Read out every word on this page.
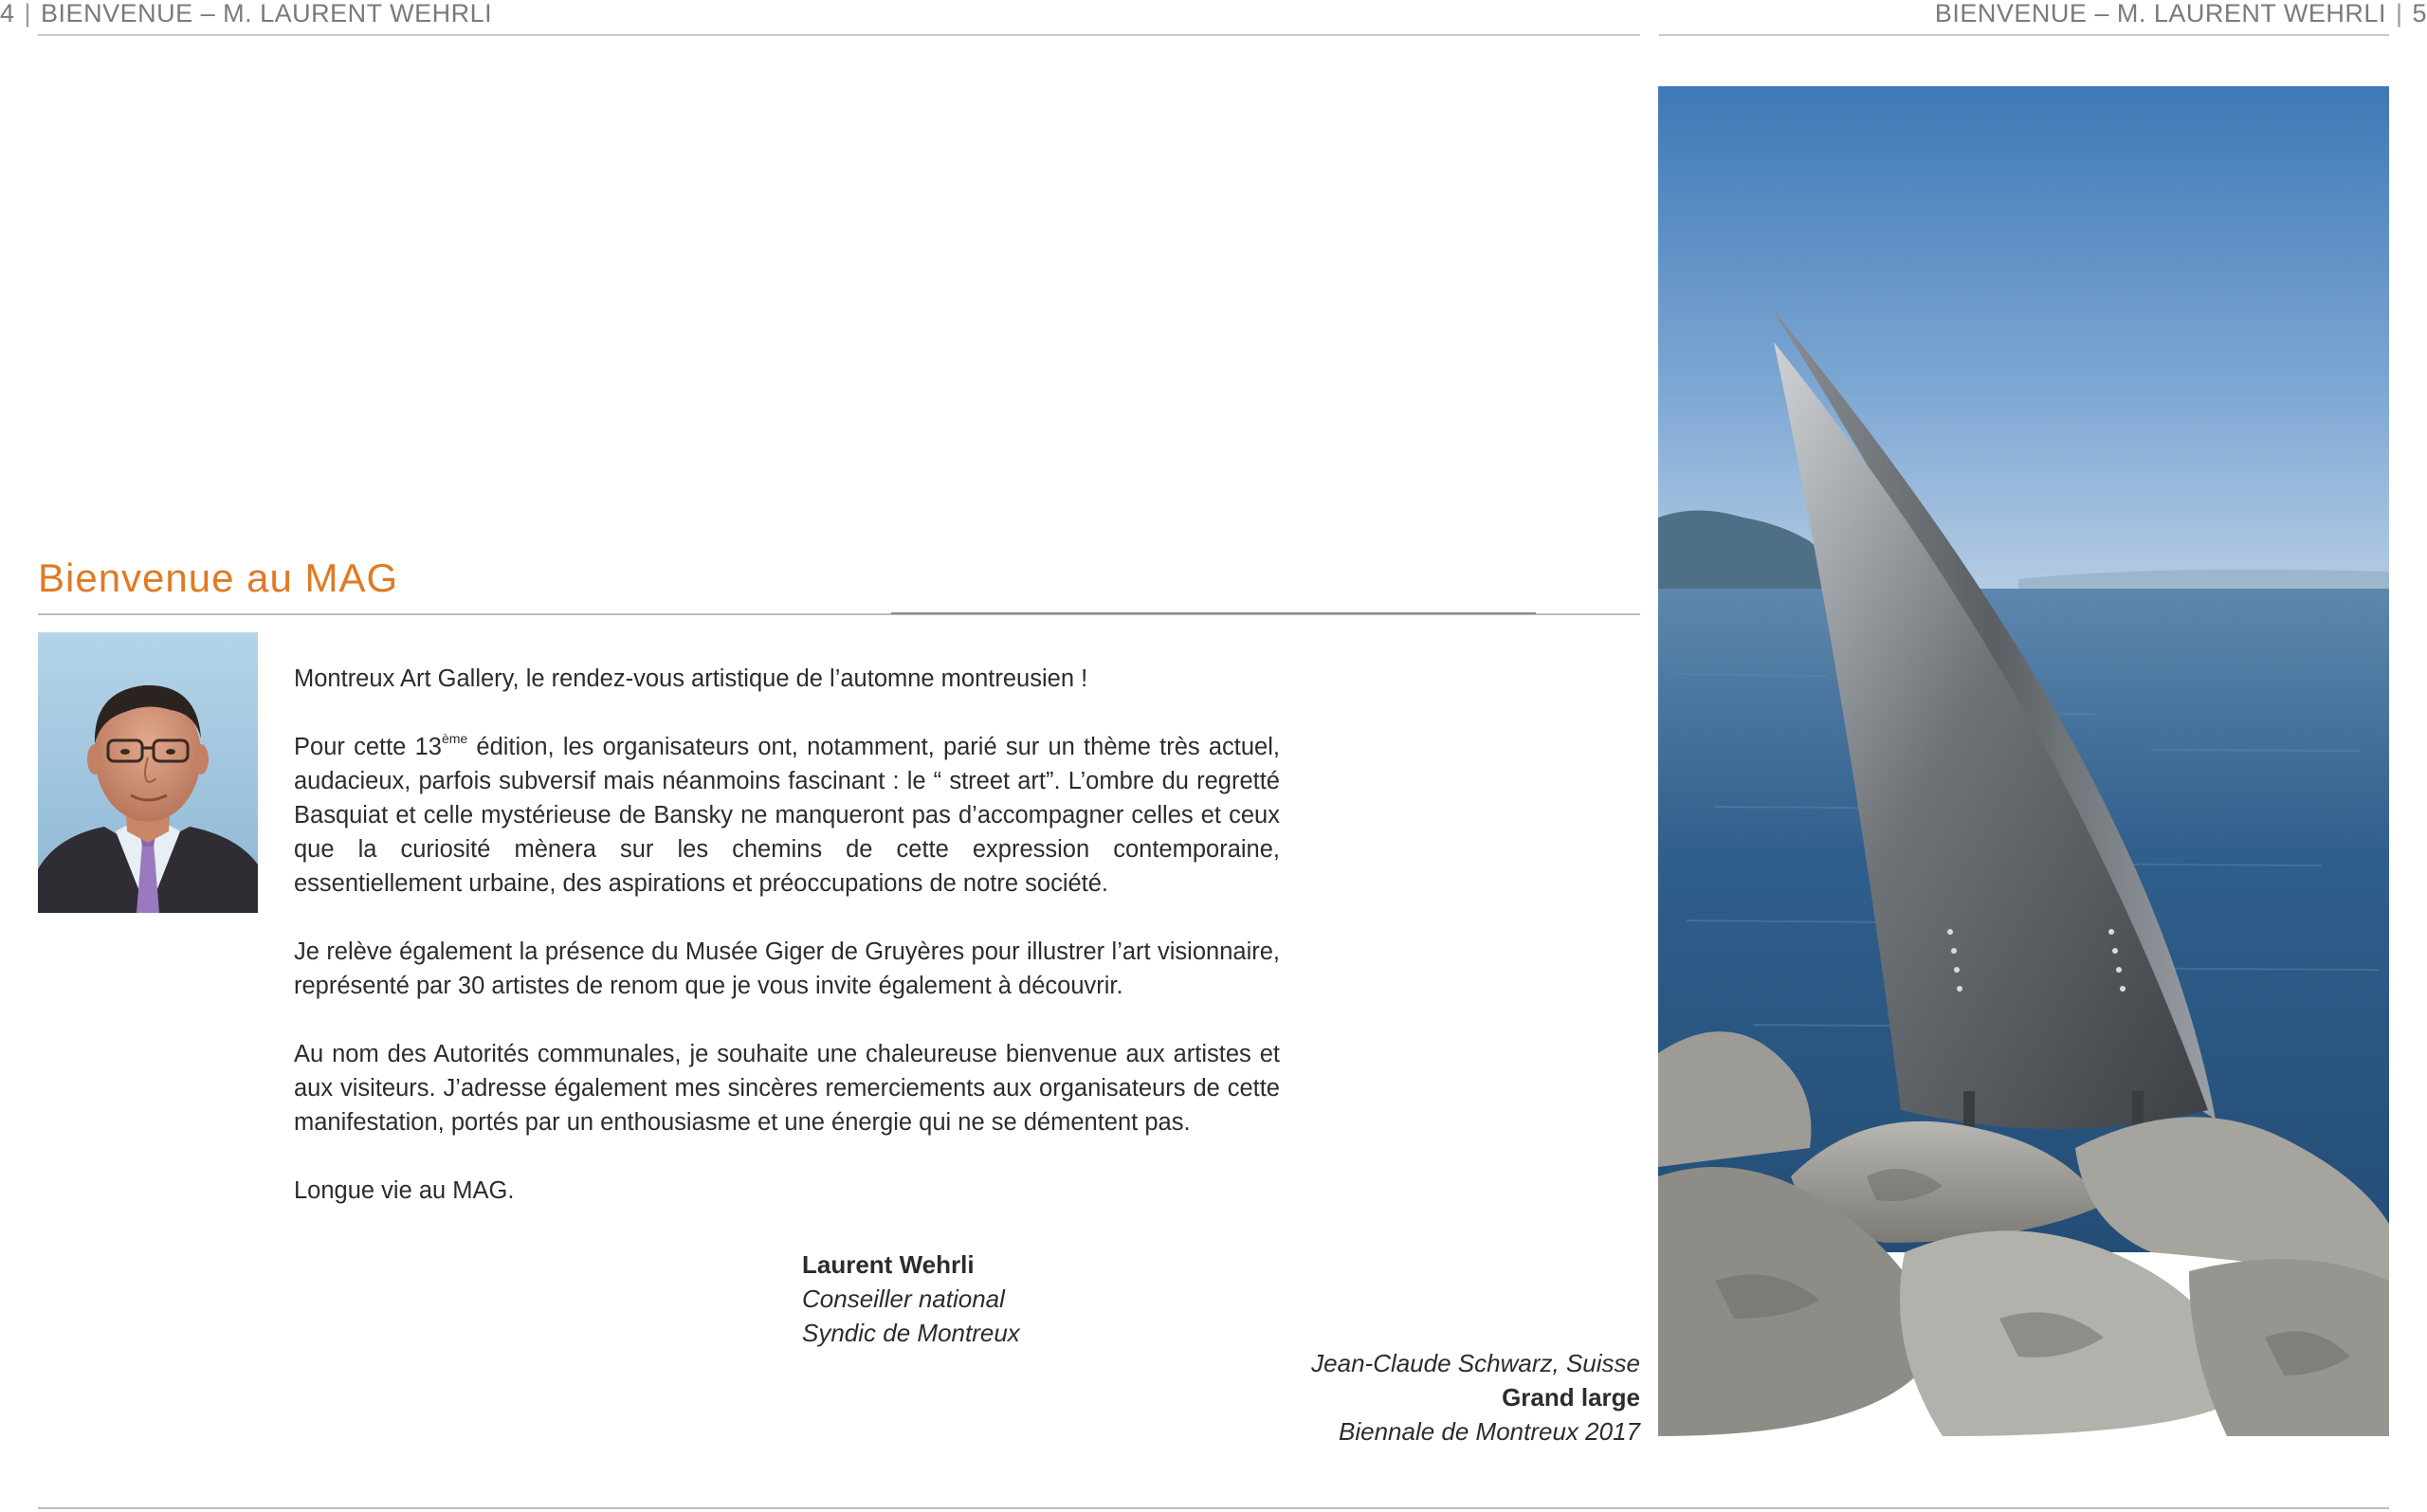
4 | BIENVENUE – M. LAURENT WEHRLI	BIENVENUE – M. LAURENT WEHRLI | 5
Bienvenue au MAG

Montreux Art Gallery, le rendez-vous artistique de l’automne montreusien !

Pour cette 13ème édition, les organisateurs ont, notamment, parié sur un thème très actuel, audacieux, parfois subversif mais néanmoins fascinant : le “ street art”. L’ombre du regretté Basquiat et celle mystérieuse de Bansky ne manqueront pas d’accompagner celles et ceux que la curiosité mènera sur les chemins de cette expression contemporaine, essentiellement urbaine, des aspirations et préoccupations de notre société.

Je relève également la présence du Musée Giger de Gruyères pour illustrer l’art visionnaire, représenté par 30 artistes de renom que je vous invite également à découvrir.

Au nom des Autorités communales, je souhaite une chaleureuse bienvenue aux artistes et aux visiteurs. J’adresse également mes sincères remerciements aux organisateurs de cette manifestation, portés par un enthousiasme et une énergie qui ne se démentent pas.

Longue vie au MAG.

Laurent Wehrli
Conseiller national
Syndic de Montreux
Jean-Claude Schwarz, Suisse
Grand large
Biennale de Montreux 2017
